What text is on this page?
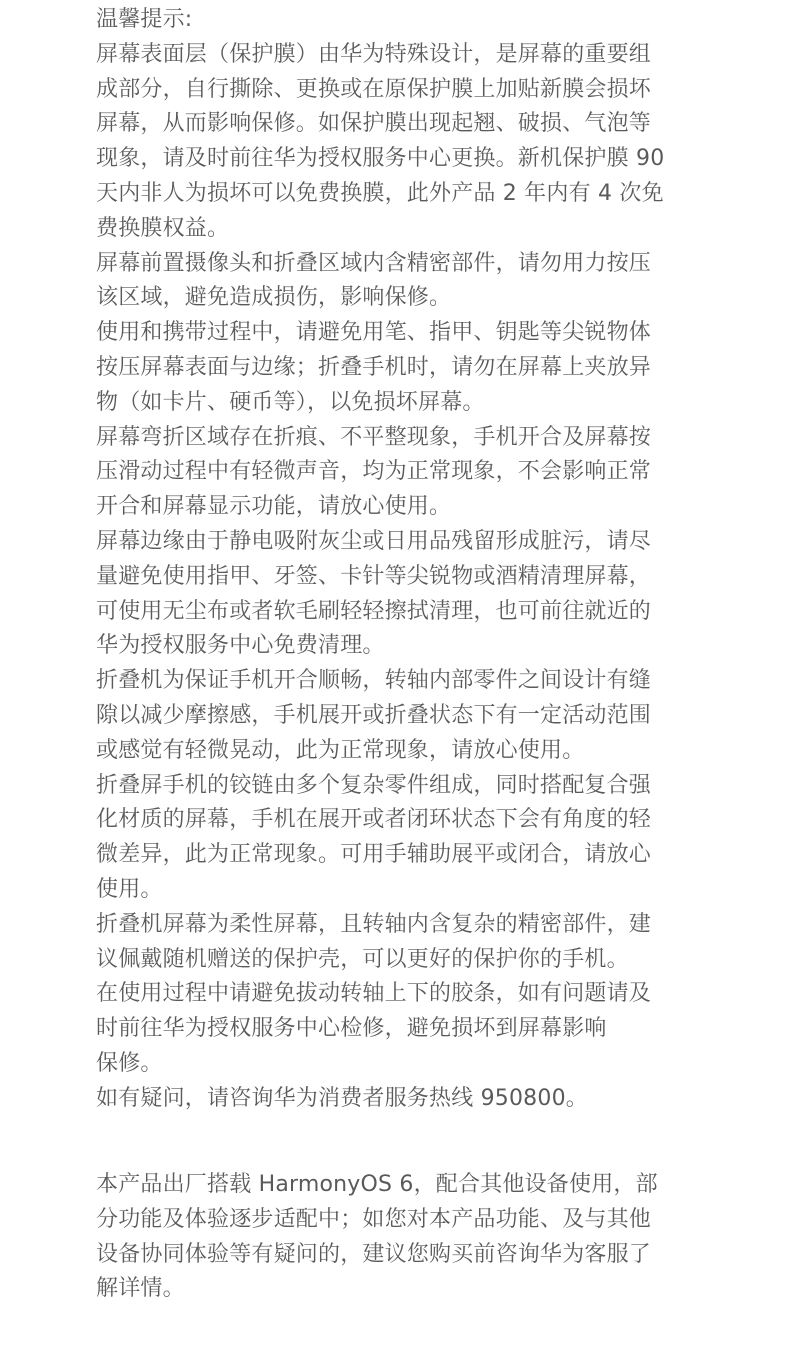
温馨提示:
屏幕表面层（保护膜）由华为特殊设计，是屏幕的重要组
成部分，自行撕除、更换或在原保护膜上加贴新膜会损坏
屏幕，从而影响保修。如保护膜出现起翘、破损、气泡等
现象，请及时前往华为授权服务中心更换。新机保护膜 90
天内非人为损坏可以免费换膜，此外产品 2 年内有 4 次免
费换膜权益。
屏幕前置摄像头和折叠区域内含精密部件，请勿用力按压
该区域，避免造成损伤，影响保修。
使用和携带过程中，请避免用笔、指甲、钥匙等尖锐物体
按压屏幕表面与边缘；折叠手机时，请勿在屏幕上夹放异
物（如卡片、硬币等），以免损坏屏幕。
屏幕弯折区域存在折痕、不平整现象，手机开合及屏幕按
压滑动过程中有轻微声音，均为正常现象，不会影响正常
开合和屏幕显示功能，请放心使用。
屏幕边缘由于静电吸附灰尘或日用品残留形成脏污，请尽
量避免使用指甲、牙签、卡针等尖锐物或酒精清理屏幕，
可使用无尘布或者软毛刷轻轻擦拭清理，也可前往就近的
华为授权服务中心免费清理。
折叠机为保证手机开合顺畅，转轴内部零件之间设计有缝
隙以减少摩擦感，手机展开或折叠状态下有一定活动范围
或感觉有轻微晃动，此为正常现象，请放心使用。
折叠屏手机的铰链由多个复杂零件组成，同时搭配复合强
化材质的屏幕，手机在展开或者闭环状态下会有角度的轻
微差异，此为正常现象。可用手辅助展平或闭合，请放心
使用。
折叠机屏幕为柔性屏幕，且转轴内含复杂的精密部件，建
议佩戴随机赠送的保护壳，可以更好的保护你的手机。
在使用过程中请避免拔动转轴上下的胶条，如有问题请及
时前往华为授权服务中心检修，避免损坏到屏幕影响
保修。
如有疑问，请咨询华为消费者服务热线 950800。
本产品出厂搭载 HarmonyOS 6，配合其他设备使用，部
分功能及体验逐步适配中；如您对本产品功能、及与其他
设备协同体验等有疑问的，建议您购买前咨询华为客服了
解详情。
